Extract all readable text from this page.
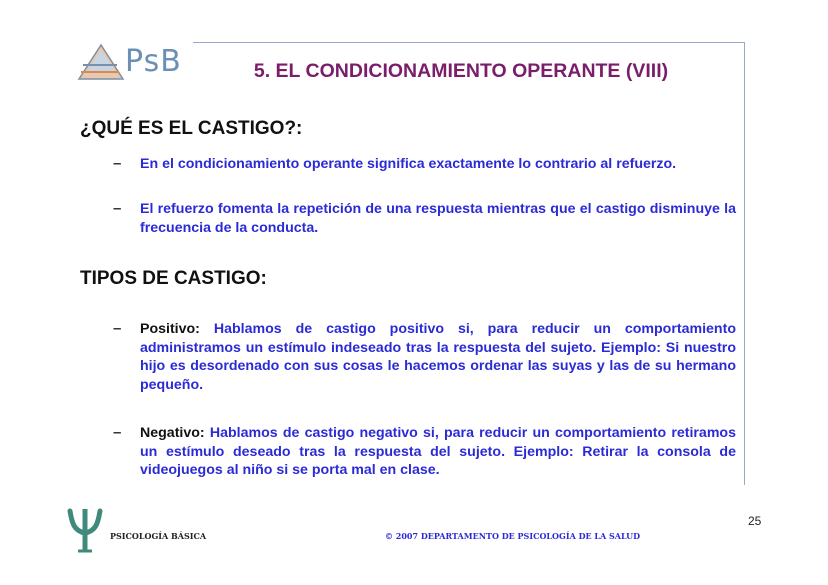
PsB	5. EL CONDICIONAMIENTO OPERANTE (VIII)
¿QUÉ ES EL CASTIGO?:
– En el condicionamiento operante significa exactamente lo contrario al refuerzo.
– El refuerzo fomenta la repetición de una respuesta mientras que el castigo disminuye la frecuencia de la conducta.
TIPOS DE CASTIGO:
– Positivo: Hablamos de castigo positivo si, para reducir un comportamiento administramos un estímulo indeseado tras la respuesta del sujeto. Ejemplo: Si nuestro hijo es desordenado con sus cosas le hacemos ordenar las suyas y las de su hermano pequeño.
– Negativo: Hablamos de castigo negativo si, para reducir un comportamiento retiramos un estímulo deseado tras la respuesta del sujeto. Ejemplo: Retirar la consola de videojuegos al niño si se porta mal en clase.
PSICOLOGÍA BÁSICA	© 2007 DEPARTAMENTO DE PSICOLOGÍA DE LA SALUD
25
